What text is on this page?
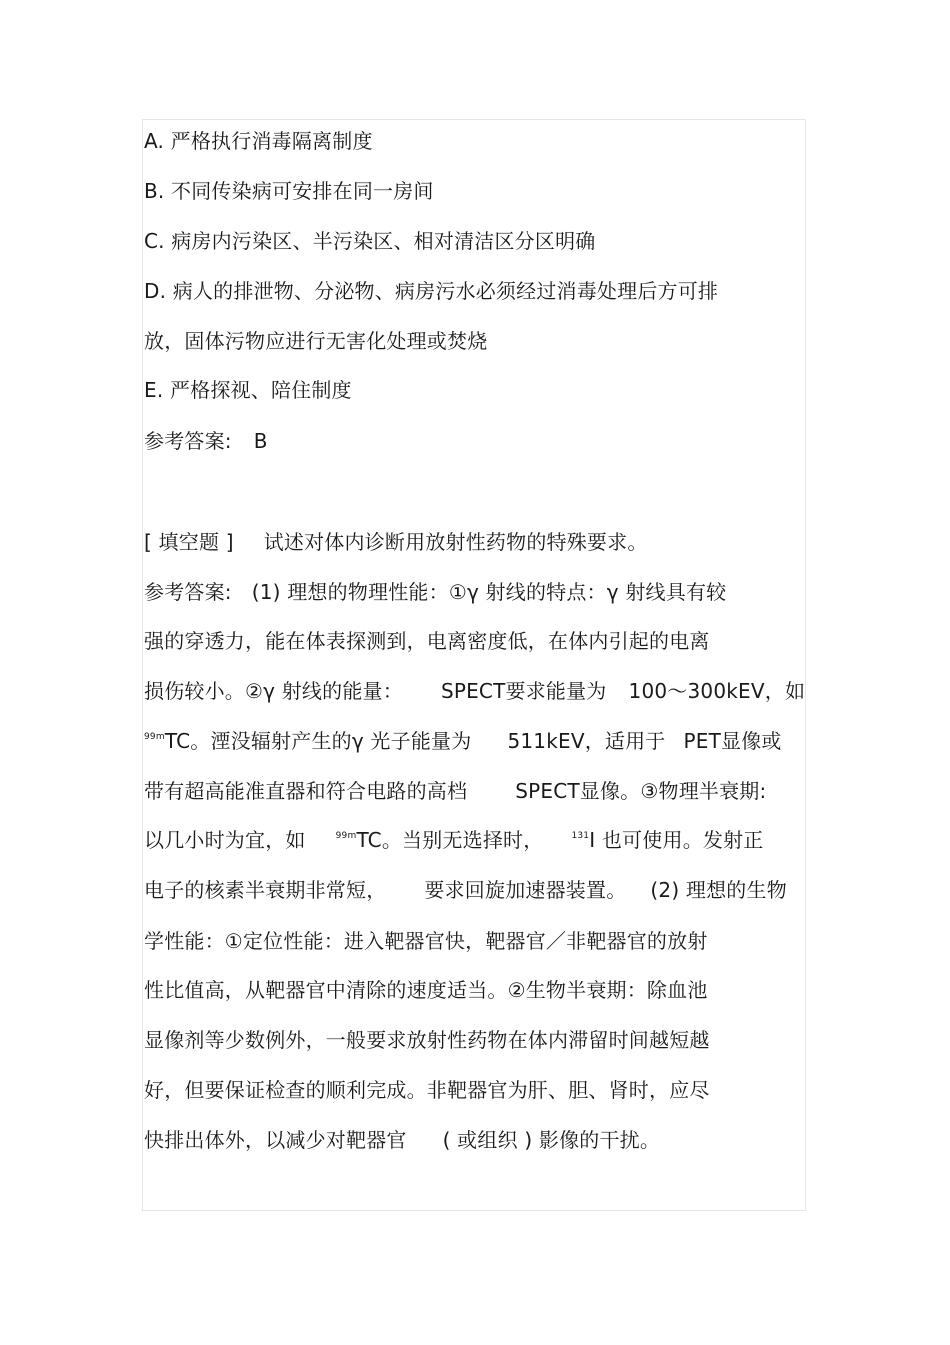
A. 严格执行消毒隔离制度
B. 不同传染病可安排在同一房间
C. 病房内污染区、半污染区、相对清洁区分区明确
D. 病人的排泄物、分泌物、病房污水必须经过消毒处理后方可排
放，固体污物应进行无害化处理或焚烧
E. 严格探视、陪住制度
参考答案: B
[ 填空题 ] 试述对体内诊断用放射性药物的特殊要求。
参考答案: (1) 理想的物理性能：①γ 射线的特点：γ 射线具有较
强的穿透力，能在体表探测到，电离密度低，在体内引起的电离
损伤较小。②γ 射线的能量： SPECT要求能量为 100～300kEV，如
$^{99m}$TC。湮没辐射产生的γ 光子能量为 511kEV，适用于 PET显像或
带有超高能准直器和符合电路的高档 SPECT显像。③物理半衰期:
以几小时为宜，如	$^{99m}$TC。当别无选择时，	$^{131}$I 也可使用。发射正
电子的核素半衰期非常短， 要求回旋加速器装置。 (2) 理想的生物
学性能：①定位性能：进入靶器官快，靶器官／非靶器官的放射
性比值高，从靶器官中清除的速度适当。②生物半衰期：除血池
显像剂等少数例外，一般要求放射性药物在体内滞留时间越短越
好，但要保证检查的顺利完成。非靶器官为肝、胆、肾时，应尽
快排出体外，以减少对靶器官 ( 或组织 ) 影像的干扰。
